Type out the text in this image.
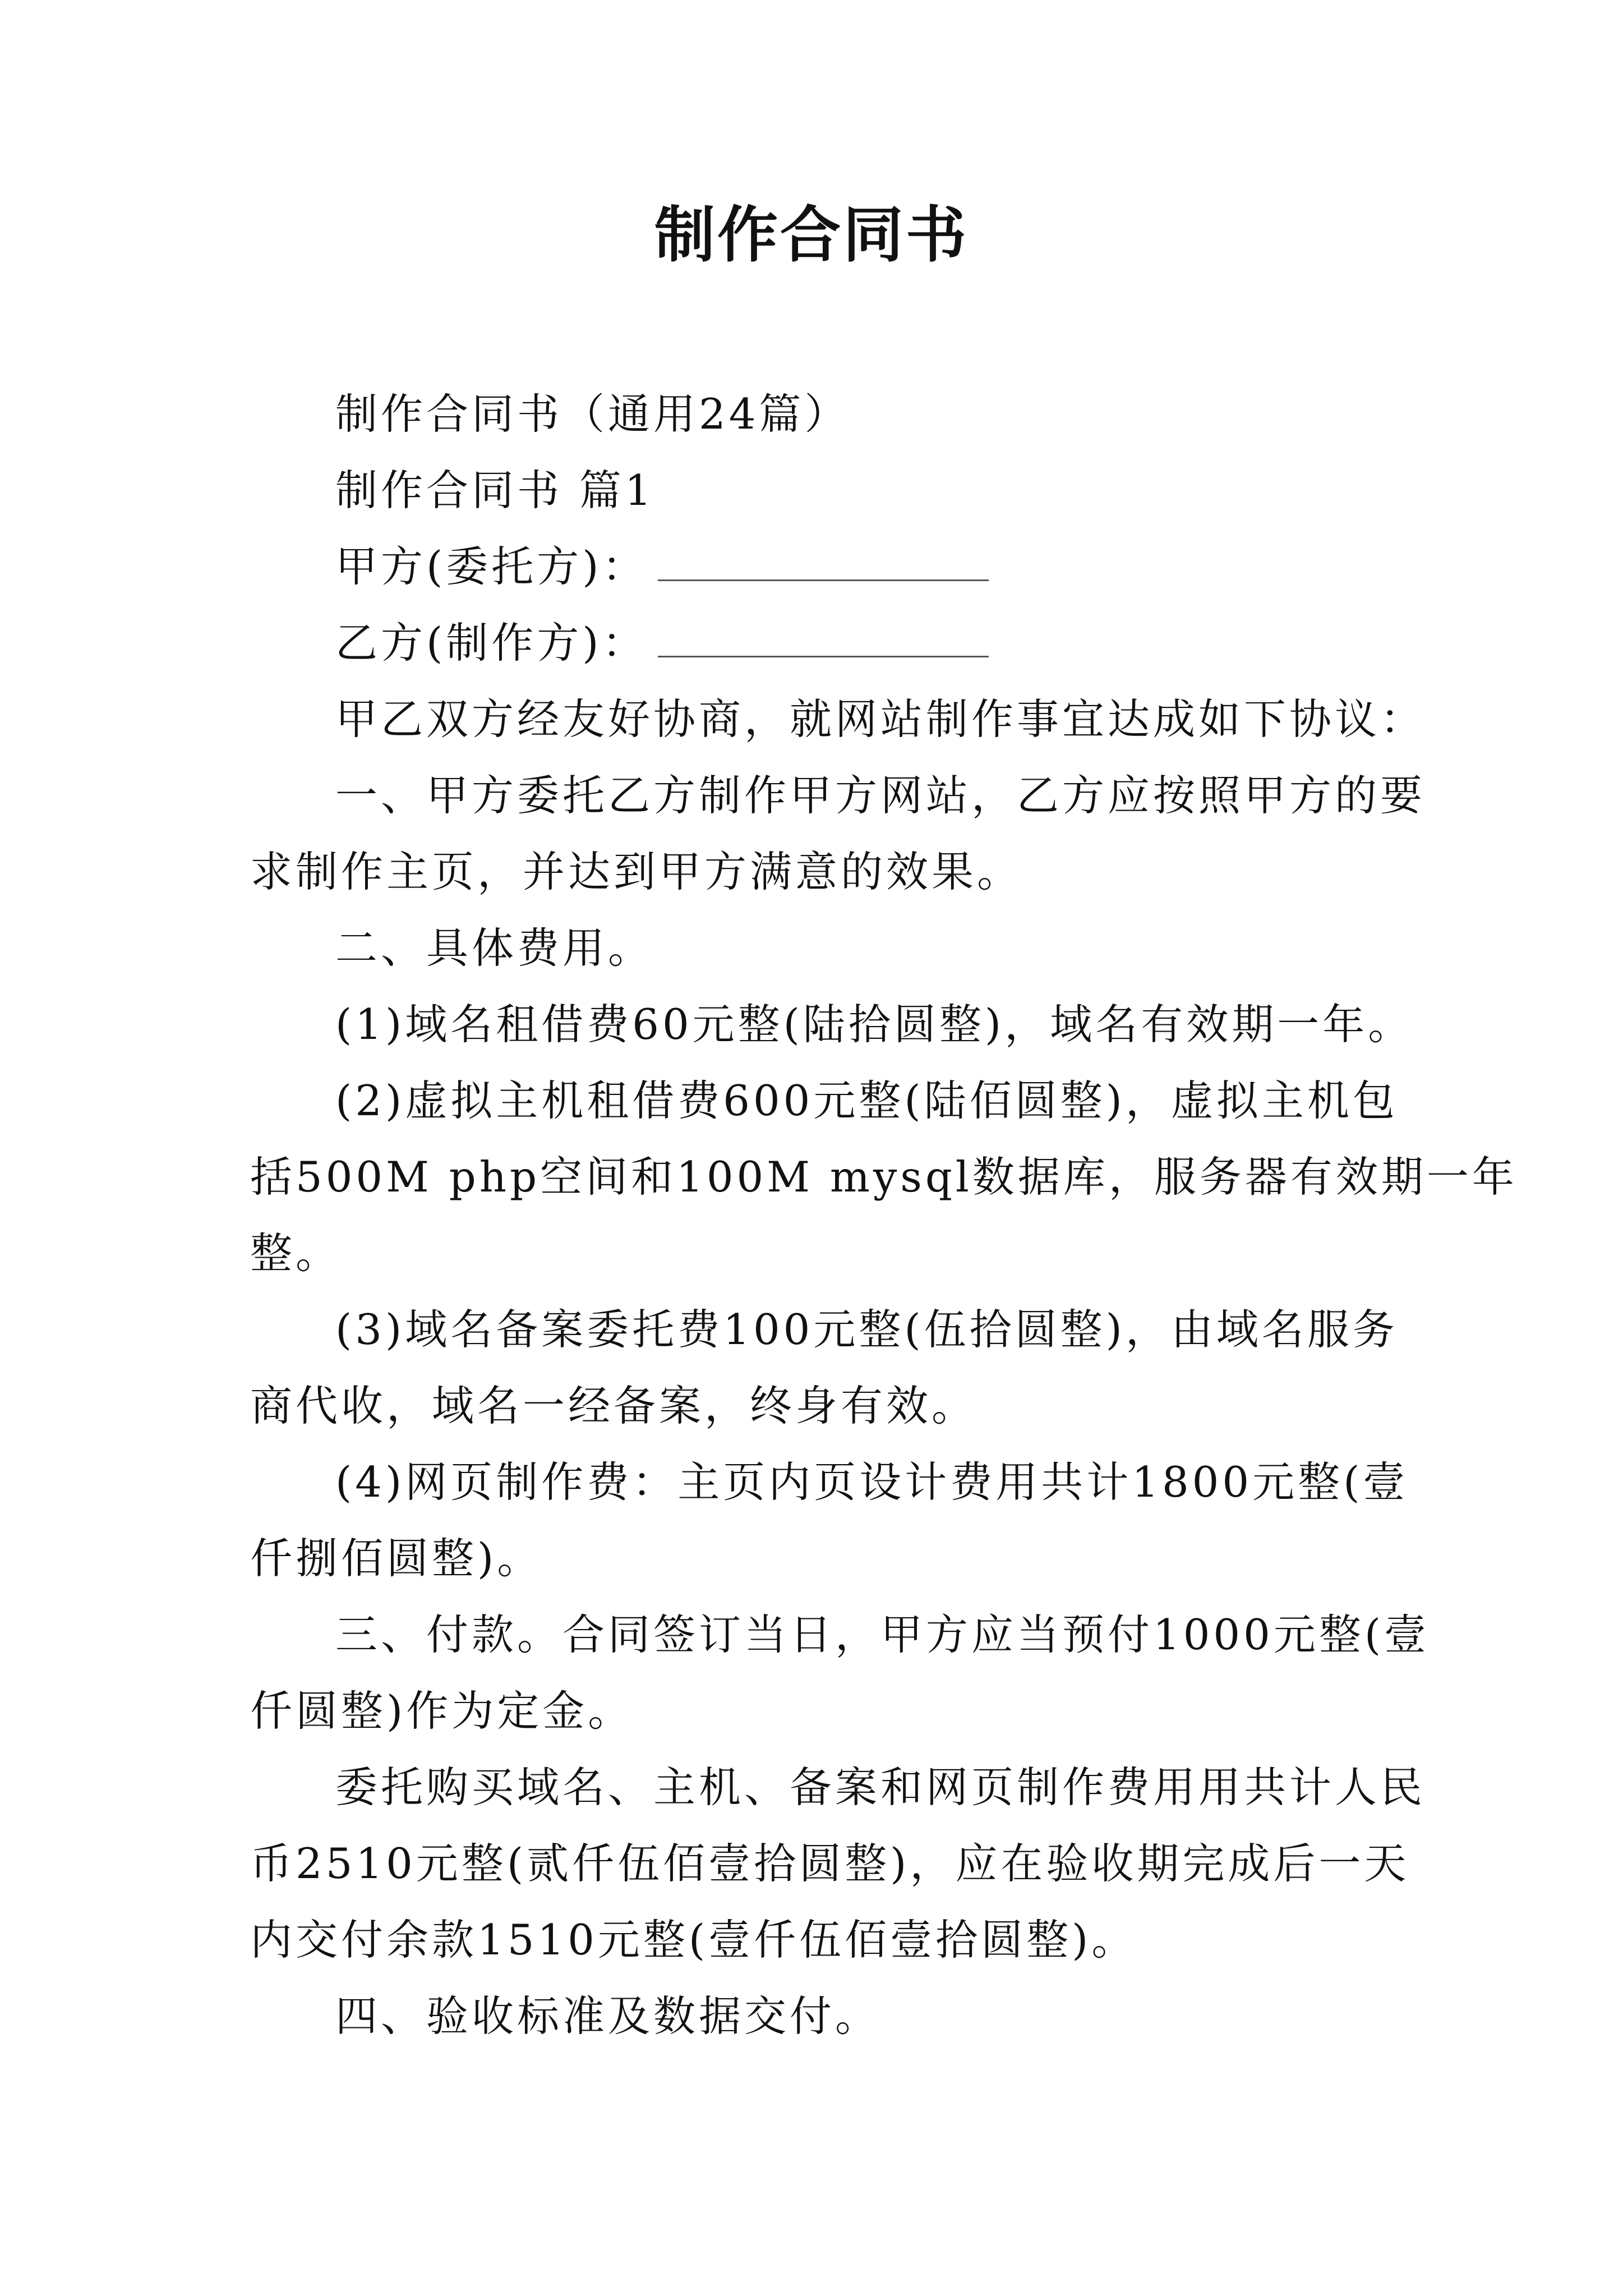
制作合同书
制作合同书（通用24篇）
制作合同书 篇1
甲方(委托方)：
乙方(制作方)：
甲乙双方经友好协商，就网站制作事宜达成如下协议：
一、甲方委托乙方制作甲方网站，乙方应按照甲方的要
求制作主页，并达到甲方满意的效果。
二、具体费用。
(1)域名租借费60元整(陆拾圆整)，域名有效期一年。
(2)虚拟主机租借费600元整(陆佰圆整)，虚拟主机包
括500M php空间和100M mysql数据库，服务器有效期一年
整。
(3)域名备案委托费100元整(伍拾圆整)，由域名服务
商代收，域名一经备案，终身有效。
(4)网页制作费：主页内页设计费用共计1800元整(壹
仟捌佰圆整)。
三、付款。合同签订当日，甲方应当预付1000元整(壹
仟圆整)作为定金。
委托购买域名、主机、备案和网页制作费用用共计人民
币2510元整(贰仟伍佰壹拾圆整)，应在验收期完成后一天
内交付余款1510元整(壹仟伍佰壹拾圆整)。
四、验收标准及数据交付。
